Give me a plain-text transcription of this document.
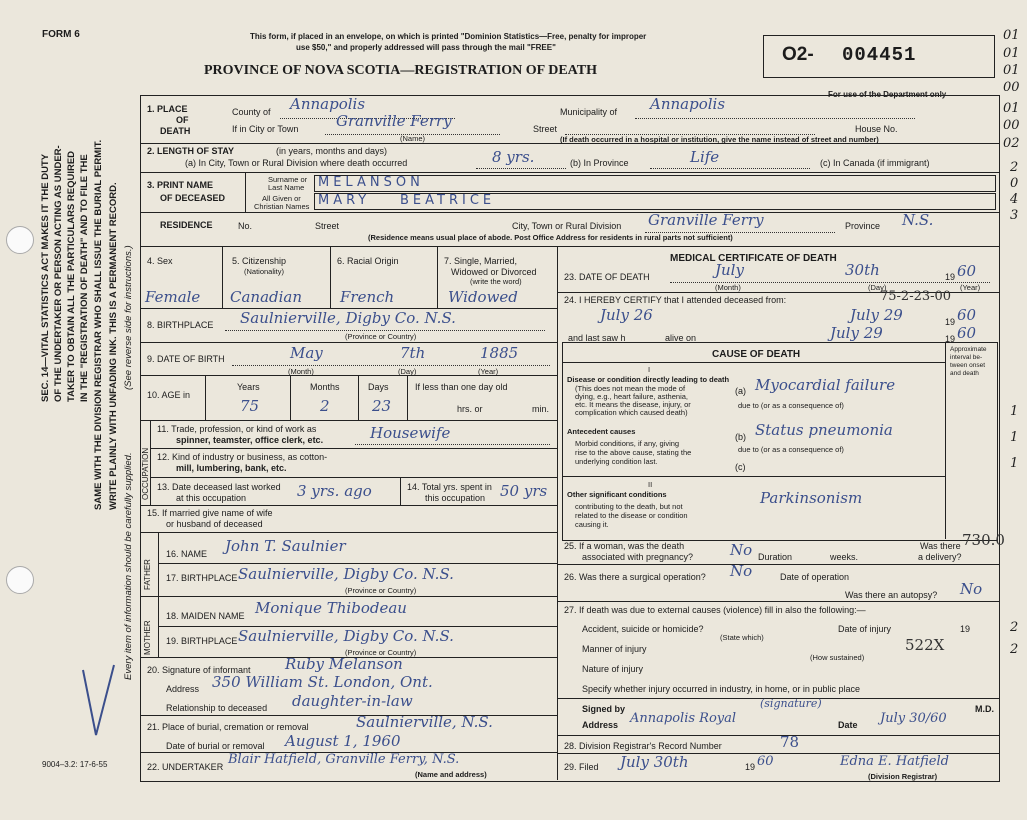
FORM 6	This form, if placed in an envelope, on which is printed "Dominion Statistics—Free, penalty for improper
use $50," and properly addressed will pass through the mail "FREE"
PROVINCE OF NOVA SCOTIA—REGISTRATION OF DEATH
O2- 004451
For use of the Department only
SEC. 14—VITAL STATISTICS ACT MAKES IT THE DUTY OF THE UNDERTAKER OR PERSON ACTING AS UNDER- TAKER TO OBTAIN ALL THE PARTICULARS REQUIRED IN THE "REGISTRATION OF DEATH" AND TO FILE THE SAME WITH THE DIVISION REGISTRAR WHO SHALL ISSUE THE BURIAL PERMIT. WRITE PLAINLY WITH UNFADING INK. THIS IS A PERMANENT RECORD.
Every item of information should be carefully supplied.
(See reverse side for instructions.)
1. PLACE
OF
DEATH
County of Annapolis	Municipality of Annapolis
If in City or Town	Granville Ferry
(Name)
Street	House No.
(If death occurred in a hospital or institution, give the name instead of street and number)
2. LENGTH OF STAY	(in years, months and days)
(a) In City, Town or Rural Division where death occurred	8 yrs.	(b) In Province	Life	(c) In Canada (if immigrant)
3. PRINT NAME
OF DECEASED
Surname or
Last Name
All Given or
Christian Names
MELANSON
MARY BEATRICE
RESIDENCE	No.	Street	City, Town or Rural Division Granville Ferry	Province N.S.
(Residence means usual place of abode. Post Office Address for residents in rural parts not sufficient)
4. Sex	5. Citizenship
(Nationality)
6. Racial Origin	7. Single, Married,
Widowed or Divorced
(write the word)
Female Canadian	French	Widowed
8. BIRTHPLACE Saulnierville, Digby Co. N.S.
(Province or Country)
9. DATE OF BIRTH	May	7th	1885
(Month)	(Day)	(Year)
10. AGE in
Years	Months	Days	If less than one day old
75	2	23	hrs. or	min.
OCCUPATION
11. Trade, profession, or kind of work as
spinner, teamster, office clerk, etc.	Housewife
12. Kind of industry or business, as cotton-
mill, lumbering, bank, etc.
13. Date deceased last worked
at this occupation	3 yrs. ago	14. Total yrs. spent in
this occupation 50 yrs
15. If married give name of wife
or husband of deceased
FATHER
MOTHER
16. NAME John T. Saulnier
17. BIRTHPLACE Saulnierville, Digby Co. N.S.
(Province or Country)
18. MAIDEN NAME Monique Thibodeau
19. BIRTHPLACE Saulnierville, Digby Co. N.S.
(Province or Country)
20. Signature of informant Ruby Melanson
Address 350 William St. London, Ont.
Relationship to deceased daughter-in-law
21. Place of burial, cremation or removal	Saulnierville, N.S.
Date of burial or removal August 1, 1960
22. UNDERTAKER Blair Hatfield, Granville Ferry, N.S.
(Name and address)
9004–3.2: 17-6-55
MEDICAL CERTIFICATE OF DEATH
23. DATE OF DEATH	July	30th	19 60
(Month)	(Day)	(Year)
24. I HEREBY CERTIFY that I attended deceased from:	75-2-23-00
July 26	July 29	19 60
and last saw h	alive on	July 29	19 60
CAUSE OF DEATH	Approximate
interval be-
tween onset
and death
I
Disease or condition directly leading to death
(This does not mean the mode of
dying, e.g., heart failure, asthenia,
etc. It means the disease, injury, or
complication which caused death)
(a) Myocardial failure
due to (or as a consequence of)
Antecedent causes
Morbid conditions, if any, giving
rise to the above cause, stating the
underlying condition last.
(b) Status pneumonia
due to (or as a consequence of)
(c)
II
Other significant conditions
contributing to the death, but not
related to the disease or condition
causing it.
Parkinsonism
25. If a woman, was the death
associated with pregnancy? No Duration	weeks.
Was there
a delivery?
730.0
26. Was there a surgical operation? No	Date of operation
Was there an autopsy? No
27. If death was due to external causes (violence) fill in also the following:—
Accident, suicide or homicide?
(State which)
Date of injury	19
Manner of injury	522X
(How sustained)
Nature of injury
Specify whether injury occurred in industry, in home, or in public place
Signed by	(signature)	M.D.
Address Annapolis Royal	Date July 30/60
28. Division Registrar's Record Number	78
29. Filed July 30th	19 60	Edna E. Hatfield
(Division Registrar)
01
01
01
00
01
00
02
2
0
4
3
1
1
1
2
2
